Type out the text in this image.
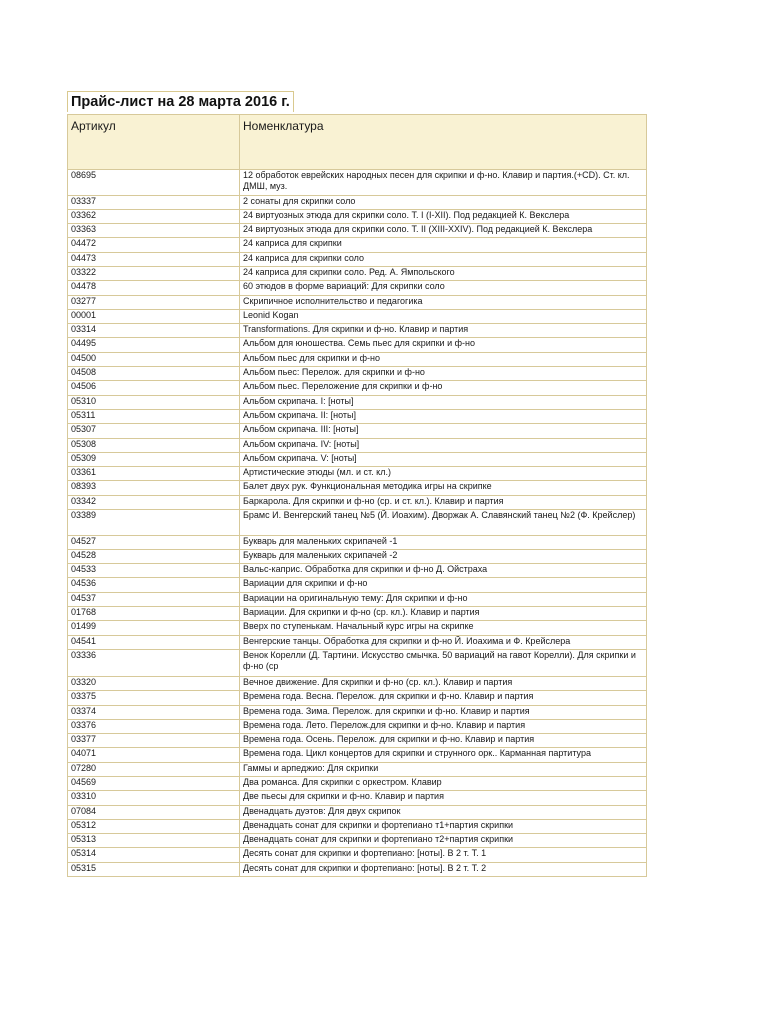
Прайс-лист на 28 марта 2016 г.
Артикул	Номенклатура
08695	12 обработок еврейских народных песен для скрипки и ф-но. Клавир и партия.(+CD). Ст. кл. ДМШ, муз.
03337	2 сонаты для скрипки соло
03362	24 виртуозных этюда для скрипки соло. Т. I (I-XII). Под редакцией К. Векслера
03363	24 виртуозных этюда для скрипки соло. Т. II (XIII-XXIV). Под редакцией К. Векслера
04472	24 каприса для скрипки
04473	24 каприса для скрипки соло
03322	24 каприса для скрипки соло. Ред. А. Ямпольского
04478	60 этюдов в форме вариаций: Для скрипки соло
03277	Скрипичное исполнительство и педагогика
00001	Leonid Kogan
03314	Transformations. Для скрипки и ф-но. Клавир и партия
04495	Альбом для юношества. Семь пьес для скрипки и ф-но
04500	Альбом пьес для скрипки и ф-но
04508	Альбом пьес: Перелож. для скрипки и ф-но
04506	Альбом пьес. Переложение для скрипки и ф-но
05310	Альбом скрипача. I: [ноты]
05311	Альбом скрипача. II: [ноты]
05307	Альбом скрипача. III: [ноты]
05308	Альбом скрипача. IV: [ноты]
05309	Альбом скрипача. V: [ноты]
03361	Артистические этюды (мл. и ст. кл.)
08393	Балет двух рук. Функциональная методика игры на скрипке
03342	Баркарола. Для скрипки и ф-но (ср. и ст. кл.). Клавир и партия
03389	Брамс И. Венгерский танец №5 (Й. Иоахим). Дворжак А. Славянский танец №2 (Ф. Крейслер)
04527	Букварь для маленьких скрипачей -1
04528	Букварь для маленьких скрипачей -2
04533	Вальс-каприс. Обработка для скрипки и ф-но Д. Ойстраха
04536	Вариации для скрипки и ф-но
04537	Вариации на оригинальную тему: Для скрипки и ф-но
01768	Вариации. Для скрипки и ф-но (ср. кл.). Клавир и партия
01499	Вверх по ступенькам. Начальный курс игры на скрипке
04541	Венгерские танцы. Обработка для скрипки и ф-но Й. Иоахима и Ф. Крейслера
03336	Венок Корелли (Д. Тартини. Искусство смычка. 50 вариаций на гавот Корелли). Для скрипки и ф-но (ср
03320	Вечное движение. Для скрипки и ф-но (ср. кл.). Клавир и партия
03375	Времена года. Весна. Перелож. для скрипки и ф-но. Клавир и партия
03374	Времена года. Зима. Перелож. для скрипки и ф-но. Клавир и партия
03376	Времена года. Лето. Перелож.для скрипки и ф-но. Клавир и партия
03377	Времена года. Осень. Перелож. для скрипки и ф-но. Клавир и партия
04071	Времена года. Цикл концертов для скрипки и струнного орк.. Карманная партитура
07280	Гаммы и арпеджио: Для скрипки
04569	Два романса. Для скрипки с оркестром. Клавир
03310	Две пьесы для скрипки и ф-но. Клавир и партия
07084	Двенадцать дуэтов: Для двух скрипок
05312	Двенадцать сонат для скрипки и фортепиано т1+партия скрипки
05313	Двенадцать сонат для скрипки и фортепиано т2+партия скрипки
05314	Десять сонат для скрипки и фортепиано: [ноты]. В 2 т. Т. 1
05315	Десять сонат для скрипки и фортепиано: [ноты]. В 2 т. Т. 2
